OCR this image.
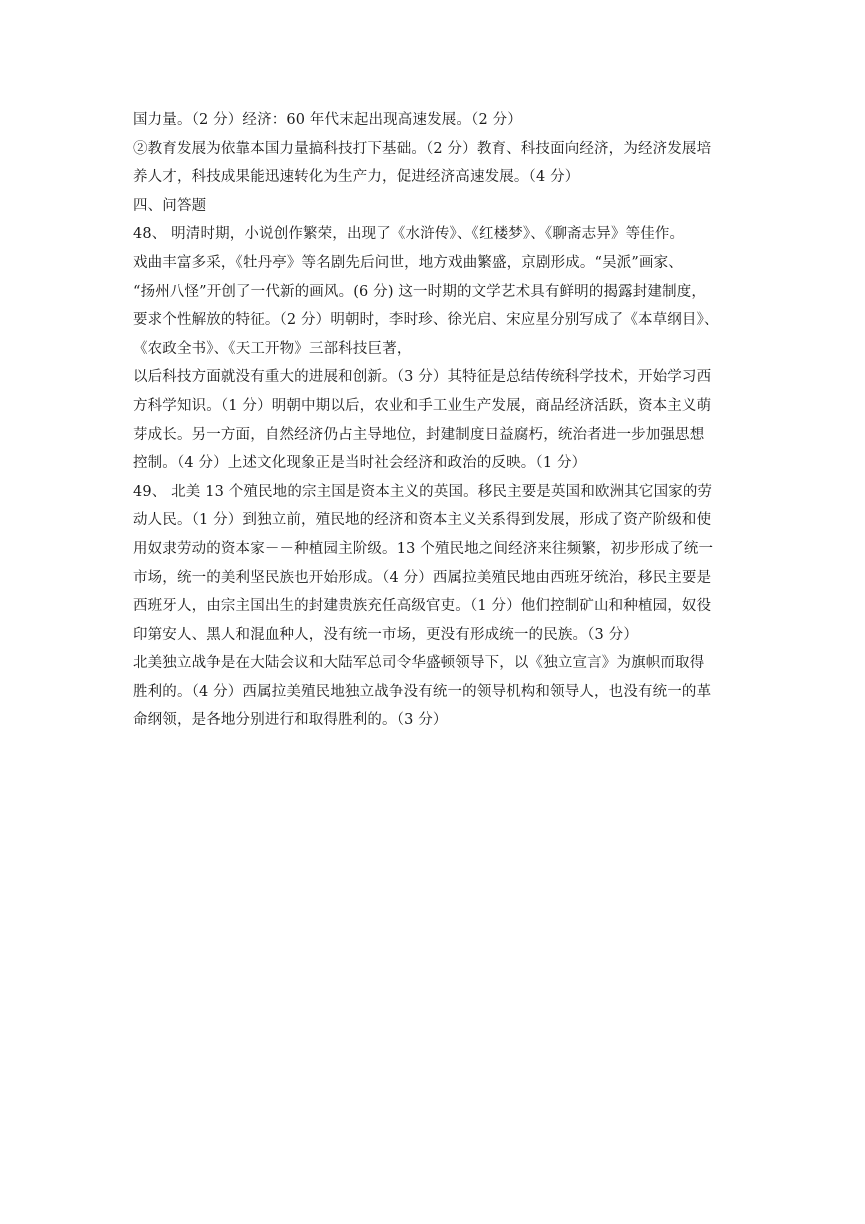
国力量。（2 分）经济：60 年代末起出现高速发展。（2 分）
②教育发展为依靠本国力量搞科技打下基础。（2 分）教育、科技面向经济，为经济发展培
养人才，科技成果能迅速转化为生产力，促进经济高速发展。（4 分）
四、问答题
48、 明清时期，小说创作繁荣，出现了《水浒传》、《红楼梦》、《聊斋志异》等佳作。
戏曲丰富多采，《牡丹亭》等名剧先后问世，地方戏曲繁盛，京剧形成。“吴派”画家、
“扬州八怪”开创了一代新的画风。(6 分) 这一时期的文学艺术具有鲜明的揭露封建制度，
要求个性解放的特征。（2 分）明朝时，李时珍、徐光启、宋应星分别写成了《本草纲目》、
《农政全书》、《天工开物》三部科技巨著，
以后科技方面就没有重大的进展和创新。（3 分）其特征是总结传统科学技术，开始学习西
方科学知识。（1 分）明朝中期以后，农业和手工业生产发展，商品经济活跃，资本主义萌
芽成长。另一方面，自然经济仍占主导地位，封建制度日益腐朽，统治者进一步加强思想
控制。（4 分）上述文化现象正是当时社会经济和政治的反映。（1 分）
49、 北美 13 个殖民地的宗主国是资本主义的英国。移民主要是英国和欧洲其它国家的劳
动人民。（1 分）到独立前，殖民地的经济和资本主义关系得到发展，形成了资产阶级和使
用奴隶劳动的资本家－－种植园主阶级。13 个殖民地之间经济来往频繁，初步形成了统一
市场，统一的美利坚民族也开始形成。（4 分）西属拉美殖民地由西班牙统治，移民主要是
西班牙人，由宗主国出生的封建贵族充任高级官吏。（1 分）他们控制矿山和种植园，奴役
印第安人、黑人和混血种人，没有统一市场，更没有形成统一的民族。（3 分）
北美独立战争是在大陆会议和大陆军总司令华盛顿领导下，以《独立宣言》为旗帜而取得
胜利的。（4 分）西属拉美殖民地独立战争没有统一的领导机构和领导人，也没有统一的革
命纲领，是各地分别进行和取得胜利的。（3 分）
